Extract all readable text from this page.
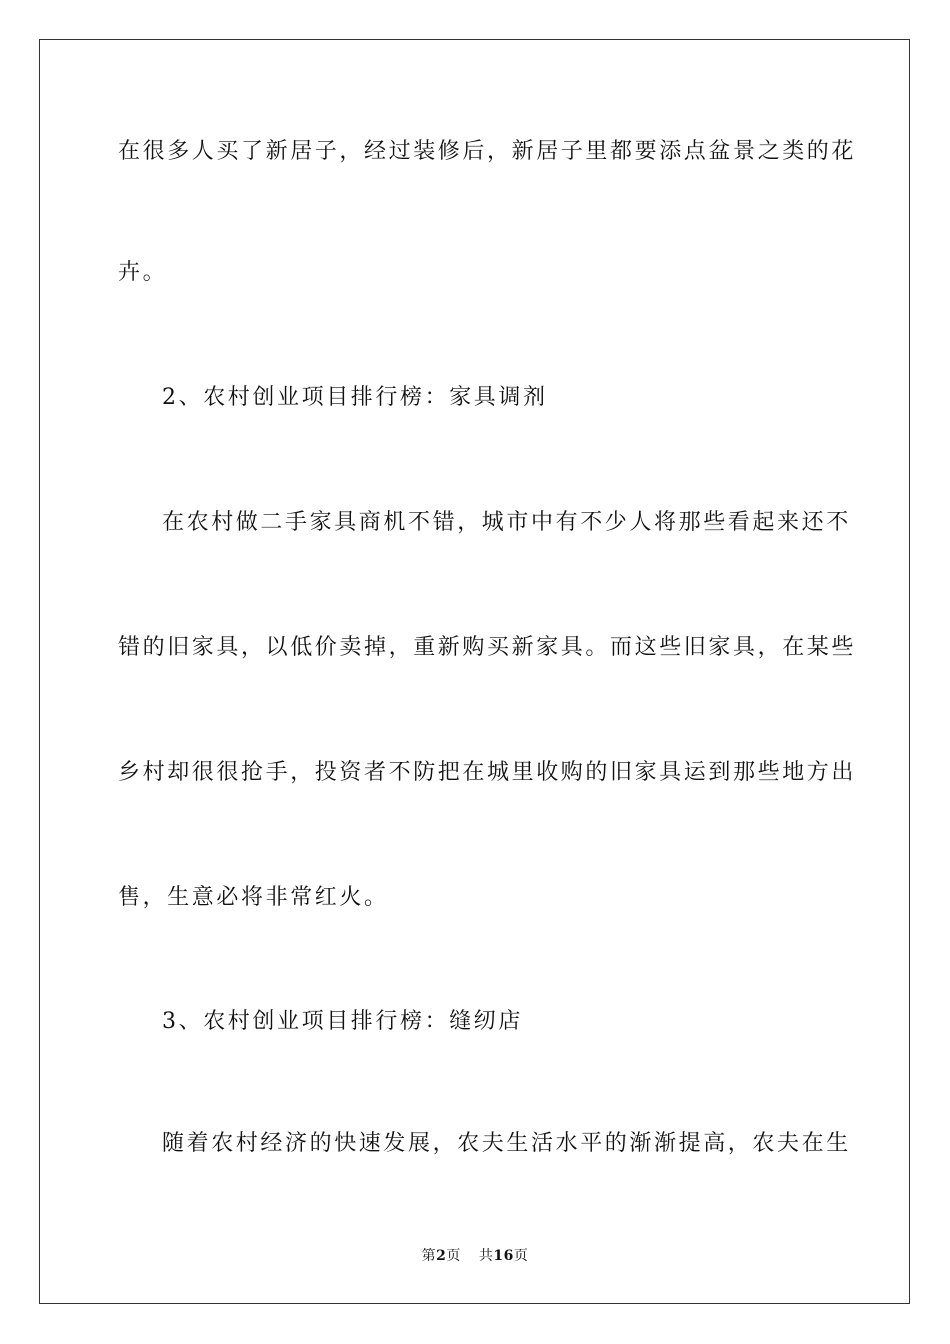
在很多人买了新居子，经过装修后，新居子里都要添点盆景之类的花
卉。
2、农村创业项目排行榜：家具调剂
在农村做二手家具商机不错，城市中有不少人将那些看起来还不
错的旧家具，以低价卖掉，重新购买新家具。而这些旧家具，在某些
乡村却很很抢手，投资者不防把在城里收购的旧家具运到那些地方出
售，生意必将非常红火。
3、农村创业项目排行榜：缝纫店
随着农村经济的快速发展，农夫生活水平的渐渐提高，农夫在生
第2页 共16页
